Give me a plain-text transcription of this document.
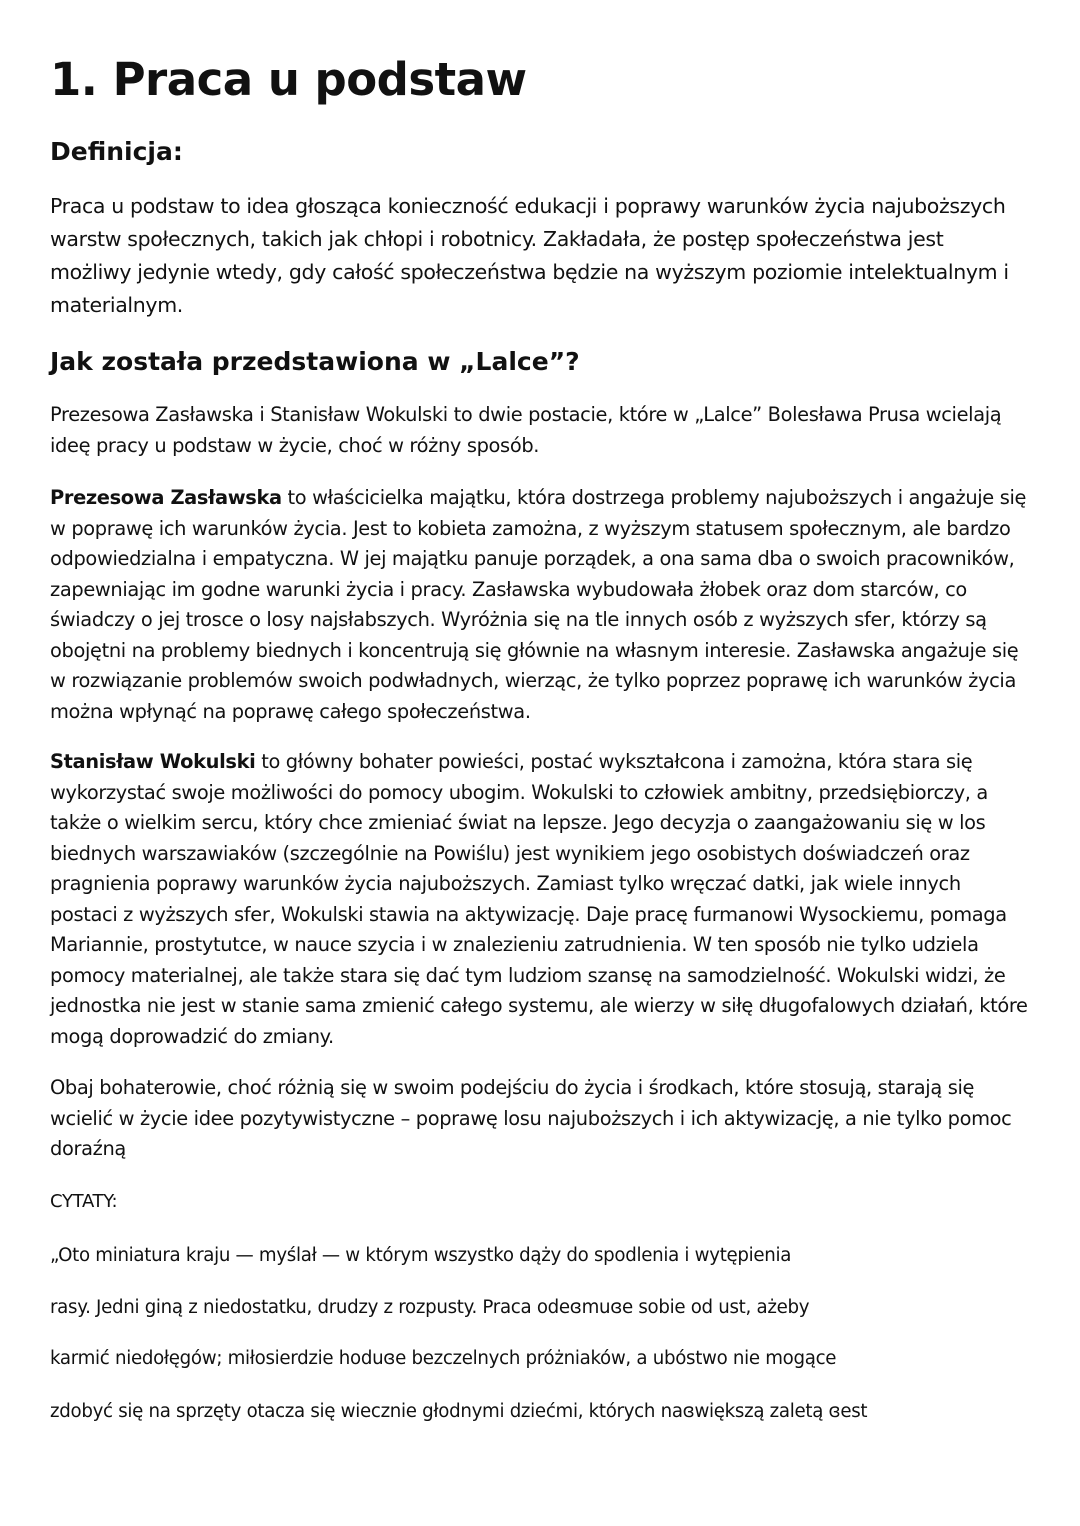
1. Praca u podstaw
Definicja:

Praca u podstaw to idea głosząca konieczność edukacji i poprawy warunków życia najuboższych
warstw społecznych, takich jak chłopi i robotnicy. Zakładała, że postęp społeczeństwa jest
możliwy jedynie wtedy, gdy całość społeczeństwa będzie na wyższym poziomie intelektualnym i
materialnym.

Jak została przedstawiona w „Lalce”?

Prezesowa Zasławska i Stanisław Wokulski to dwie postacie, które w „Lalce” Bolesława Prusa wcielają
ideę pracy u podstaw w życie, choć w różny sposób.

Prezesowa Zasławska to właścicielka majątku, która dostrzega problemy najuboższych i angażuje się
w poprawę ich warunków życia. Jest to kobieta zamożna, z wyższym statusem społecznym, ale bardzo
odpowiedzialna i empatyczna. W jej majątku panuje porządek, a ona sama dba o swoich pracowników,
zapewniając im godne warunki życia i pracy. Zasławska wybudowała żłobek oraz dom starców, co
świadczy o jej trosce o losy najsłabszych. Wyróżnia się na tle innych osób z wyższych sfer, którzy są
obojętni na problemy biednych i koncentrują się głównie na własnym interesie. Zasławska angażuje się
w rozwiązanie problemów swoich podwładnych, wierząc, że tylko poprzez poprawę ich warunków życia
można wpłynąć na poprawę całego społeczeństwa.

Stanisław Wokulski to główny bohater powieści, postać wykształcona i zamożna, która stara się
wykorzystać swoje możliwości do pomocy ubogim. Wokulski to człowiek ambitny, przedsiębiorczy, a
także o wielkim sercu, który chce zmieniać świat na lepsze. Jego decyzja o zaangażowaniu się w los
biednych warszawiaków (szczególnie na Powiślu) jest wynikiem jego osobistych doświadczeń oraz
pragnienia poprawy warunków życia najuboższych. Zamiast tylko wręczać datki, jak wiele innych
postaci z wyższych sfer, Wokulski stawia na aktywizację. Daje pracę furmanowi Wysockiemu, pomaga
Mariannie, prostytutce, w nauce szycia i w znalezieniu zatrudnienia. W ten sposób nie tylko udziela
pomocy materialnej, ale także stara się dać tym ludziom szansę na samodzielność. Wokulski widzi, że
jednostka nie jest w stanie sama zmienić całego systemu, ale wierzy w siłę długofalowych działań, które
mogą doprowadzić do zmiany.

Obaj bohaterowie, choć różnią się w swoim podejściu do życia i środkach, które stosują, starają się
wcielić w życie idee pozytywistyczne – poprawę losu najuboższych i ich aktywizację, a nie tylko pomoc
doraźną

CYTATY:
„Oto miniatura kraju — myślał — w którym wszystko dąży do spodlenia i wytępienia
rasy. Jedni giną z niedostatku, drudzy z rozpusty. Praca odeɞmuɞe sobie od ust, ażeby
karmić niedołęgów; miłosierdzie hoduɞe bezczelnych próżniaków, a ubóstwo nie mogące
zdobyć się na sprzęty otacza się wiecznie głodnymi dziećmi, których naɞwiększą zaletą ɞest
